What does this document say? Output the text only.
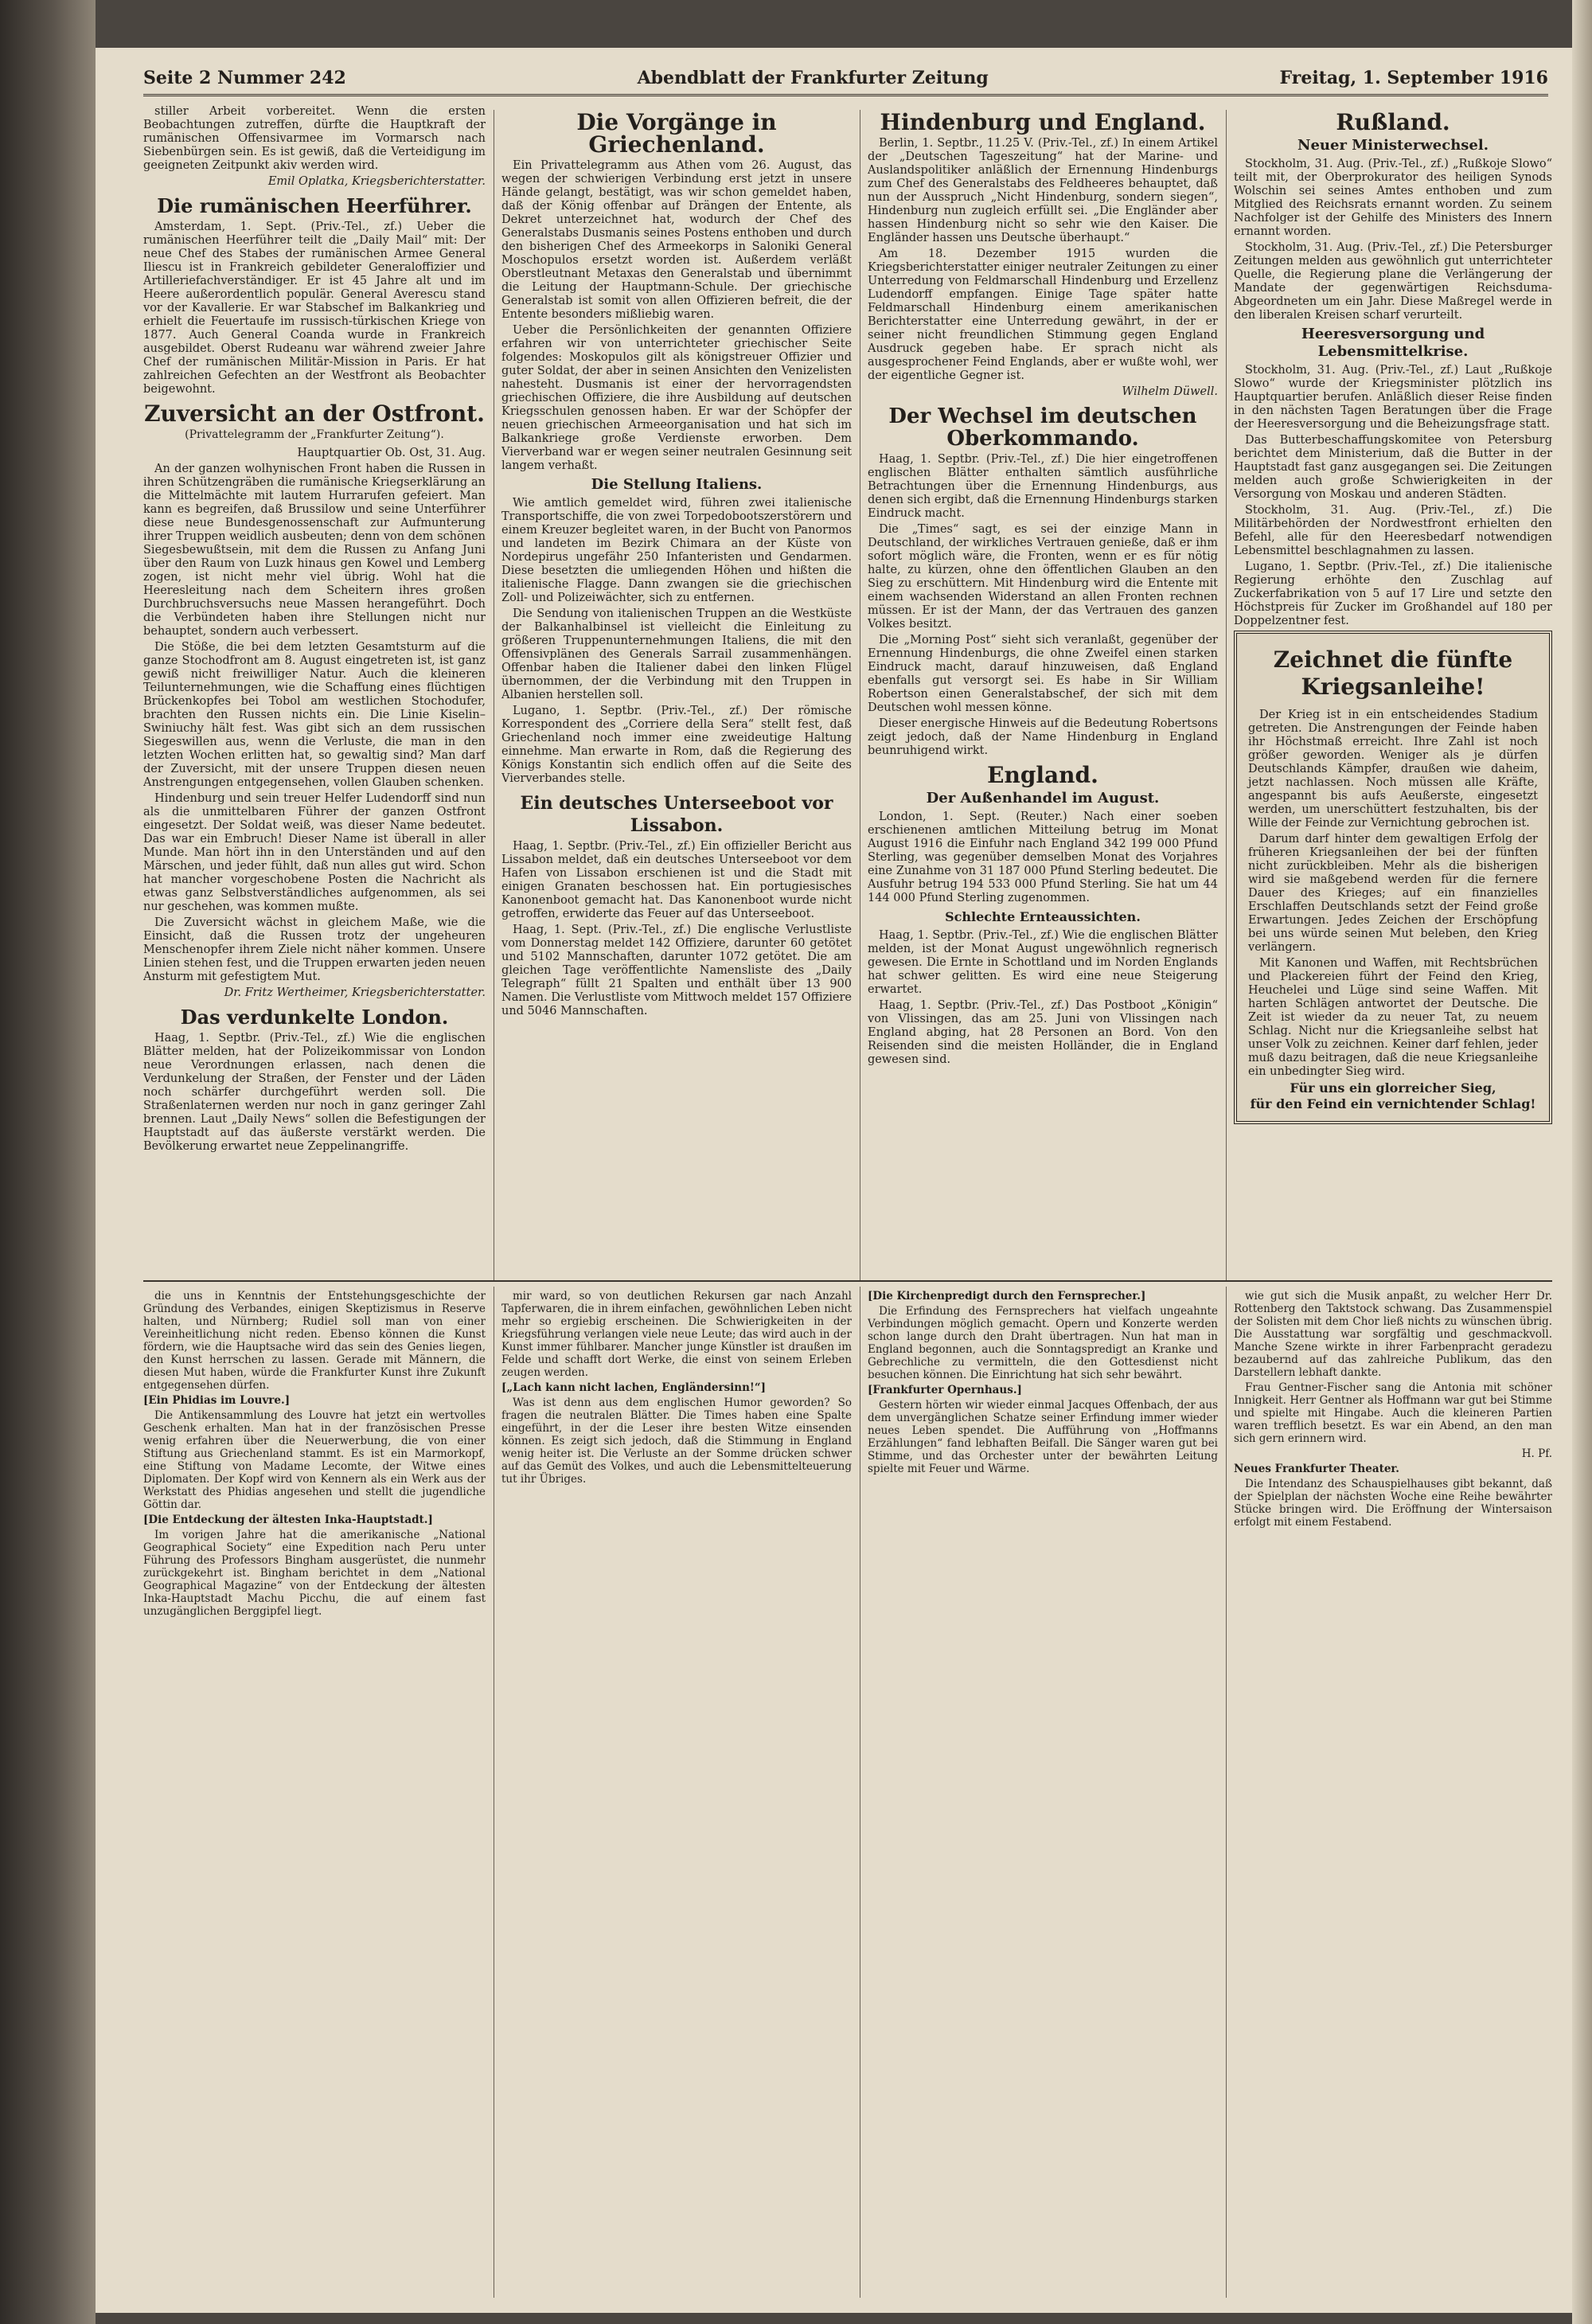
Seite 2 Nummer 242	Abendblatt der Frankfurter Zeitung	Freitag, 1. September 1916

stiller Arbeit vorbereitet. Wenn die ersten Beobachtungen zutreffen, dürfte die Hauptkraft der rumänischen Offensivarmee im Vormarsch nach Siebenbürgen sein. Es ist gewiß, daß die Verteidigung im geeigneten Zeitpunkt akiv werden wird.

Emil Oplatka, Kriegsberichterstatter.

Die rumänischen Heerführer.

Amsterdam, 1. Sept. (Priv.-Tel., zf.) Ueber die rumänischen Heerführer teilt die „Daily Mail“ mit: Der neue Chef des Stabes der rumänischen Armee General Iliescu ist in Frankreich gebildeter Generaloffizier und Artilleriefachverständiger. Er ist 45 Jahre alt und im Heere außerordentlich populär. General Averescu stand vor der Kavallerie. Er war Stabschef im Balkankrieg und erhielt die Feuertaufe im russisch-türkischen Kriege von 1877. Auch General Coanda wurde in Frankreich ausgebildet. Oberst Rudeanu war während zweier Jahre Chef der rumänischen Militär-Mission in Paris. Er hat zahlreichen Gefechten an der Westfront als Beobachter beigewohnt.

Zuversicht an der Ostfront.
(Privattelegramm der „Frankfurter Zeitung“).

Hauptquartier Ob. Ost, 31. Aug.

An der ganzen wolhynischen Front haben die Russen in ihren Schützengräben die rumänische Kriegserklärung an die Mittelmächte mit lautem Hurrarufen gefeiert. Man kann es begreifen, daß Brussilow und seine Unterführer diese neue Bundesgenossenschaft zur Aufmunterung ihrer Truppen weidlich ausbeuten; denn von dem schönen Siegesbewußtsein, mit dem die Russen zu Anfang Juni über den Raum von Luzk hinaus gen Kowel und Lemberg zogen, ist nicht mehr viel übrig. Wohl hat die Heeresleitung nach dem Scheitern ihres großen Durchbruchsversuchs neue Massen herangeführt. Doch die Verbündeten haben ihre Stellungen nicht nur behauptet, sondern auch verbessert.

Die Stöße, die bei dem letzten Gesamtsturm auf die ganze Stochodfront am 8. August eingetreten ist, ist ganz gewiß nicht freiwilliger Natur. Auch die kleineren Teilunternehmungen, wie die Schaffung eines flüchtigen Brückenkopfes bei Tobol am westlichen Stochodufer, brachten den Russen nichts ein. Die Linie Kiselin–Swiniuchy hält fest. Was gibt sich an dem russischen Siegeswillen aus, wenn die Verluste, die man in den letzten Wochen erlitten hat, so gewaltig sind? Man darf der Zuversicht, mit der unsere Truppen diesen neuen Anstrengungen entgegensehen, vollen Glauben schenken.

Hindenburg und sein treuer Helfer Ludendorff sind nun als die unmittelbaren Führer der ganzen Ostfront eingesetzt. Der Soldat weiß, was dieser Name bedeutet. Das war ein Embruch! Dieser Name ist überall in aller Munde. Man hört ihn in den Unterständen und auf den Märschen, und jeder fühlt, daß nun alles gut wird. Schon hat mancher vorgeschobene Posten die Nachricht als etwas ganz Selbstverständliches aufgenommen, als sei nur geschehen, was kommen mußte.

Die Zuversicht wächst in gleichem Maße, wie die Einsicht, daß die Russen trotz der ungeheuren Menschenopfer ihrem Ziele nicht näher kommen. Unsere Linien stehen fest, und die Truppen erwarten jeden neuen Ansturm mit gefestigtem Mut.

Dr. Fritz Wertheimer, Kriegsberichterstatter.

Das verdunkelte London.

Haag, 1. Septbr. (Priv.-Tel., zf.) Wie die englischen Blätter melden, hat der Polizeikommissar von London neue Verordnungen erlassen, nach denen die Verdunkelung der Straßen, der Fenster und der Läden noch schärfer durchgeführt werden soll. Die Straßenlaternen werden nur noch in ganz geringer Zahl brennen. Laut „Daily News“ sollen die Befestigungen der Hauptstadt auf das äußerste verstärkt werden. Die Bevölkerung erwartet neue Zeppelinangriffe.

Die Vorgänge in Griechenland.

Ein Privattelegramm aus Athen vom 26. August, das wegen der schwierigen Verbindung erst jetzt in unsere Hände gelangt, bestätigt, was wir schon gemeldet haben, daß der König offenbar auf Drängen der Entente, als Dekret unterzeichnet hat, wodurch der Chef des Generalstabs Dusmanis seines Postens enthoben und durch den bisherigen Chef des Armeekorps in Saloniki General Moschopulos ersetzt worden ist. Außerdem verläßt Oberstleutnant Metaxas den Generalstab und übernimmt die Leitung der Hauptmann-Schule. Der griechische Generalstab ist somit von allen Offizieren befreit, die der Entente besonders mißliebig waren.

Ueber die Persönlichkeiten der genannten Offiziere erfahren wir von unterrichteter griechischer Seite folgendes: Moskopulos gilt als königstreuer Offizier und guter Soldat, der aber in seinen Ansichten den Venizelisten nahesteht. Dusmanis ist einer der hervorragendsten griechischen Offiziere, die ihre Ausbildung auf deutschen Kriegsschulen genossen haben. Er war der Schöpfer der neuen griechischen Armeeorganisation und hat sich im Balkankriege große Verdienste erworben. Dem Vierverband war er wegen seiner neutralen Gesinnung seit langem verhaßt.

Die Stellung Italiens.

Wie amtlich gemeldet wird, führen zwei italienische Transportschiffe, die von zwei Torpedobootszerstörern und einem Kreuzer begleitet waren, in der Bucht von Panormos und landeten im Bezirk Chimara an der Küste von Nordepirus ungefähr 250 Infanteristen und Gendarmen. Diese besetzten die umliegenden Höhen und hißten die italienische Flagge. Dann zwangen sie die griechischen Zoll- und Polizeiwächter, sich zu entfernen.

Die Sendung von italienischen Truppen an die Westküste der Balkanhalbinsel ist vielleicht die Einleitung zu größeren Truppenunternehmungen Italiens, die mit den Offensivplänen des Generals Sarrail zusammenhängen. Offenbar haben die Italiener dabei den linken Flügel übernommen, der die Verbindung mit den Truppen in Albanien herstellen soll.

Lugano, 1. Septbr. (Priv.-Tel., zf.) Der römische Korrespondent des „Corriere della Sera“ stellt fest, daß Griechenland noch immer eine zweideutige Haltung einnehme. Man erwarte in Rom, daß die Regierung des Königs Konstantin sich endlich offen auf die Seite des Vierverbandes stelle.

Ein deutsches Unterseeboot vor Lissabon.

Haag, 1. Septbr. (Priv.-Tel., zf.) Ein offizieller Bericht aus Lissabon meldet, daß ein deutsches Unterseeboot vor dem Hafen von Lissabon erschienen ist und die Stadt mit einigen Granaten beschossen hat. Ein portugiesisches Kanonenboot gemacht hat. Das Kanonenboot wurde nicht getroffen, erwiderte das Feuer auf das Unterseeboot.

Haag, 1. Sept. (Priv.-Tel., zf.) Die englische Verlustliste vom Donnerstag meldet 142 Offiziere, darunter 60 getötet und 5102 Mannschaften, darunter 1072 getötet. Die am gleichen Tage veröffentlichte Namensliste des „Daily Telegraph“ füllt 21 Spalten und enthält über 13 900 Namen. Die Verlustliste vom Mittwoch meldet 157 Offiziere und 5046 Mannschaften.

Hindenburg und England.

Berlin, 1. Septbr., 11.25 V. (Priv.-Tel., zf.) In einem Artikel der „Deutschen Tageszeitung“ hat der Marine- und Auslandspolitiker anläßlich der Ernennung Hindenburgs zum Chef des Generalstabs des Feldheeres behauptet, daß nun der Ausspruch „Nicht Hindenburg, sondern siegen“, Hindenburg nun zugleich erfüllt sei. „Die Engländer aber hassen Hindenburg nicht so sehr wie den Kaiser. Die Engländer hassen uns Deutsche überhaupt.“

Am 18. Dezember 1915 wurden die Kriegsberichterstatter einiger neutraler Zeitungen zu einer Unterredung von Feldmarschall Hindenburg und Erzellenz Ludendorff empfangen. Einige Tage später hatte Feldmarschall Hindenburg einem amerikanischen Berichterstatter eine Unterredung gewährt, in der er seiner nicht freundlichen Stimmung gegen England Ausdruck gegeben habe. Er sprach nicht als ausgesprochener Feind Englands, aber er wußte wohl, wer der eigentliche Gegner ist.

Wilhelm Düwell.

Der Wechsel im deutschen Oberkommando.

Haag, 1. Septbr. (Priv.-Tel., zf.) Die hier eingetroffenen englischen Blätter enthalten sämtlich ausführliche Betrachtungen über die Ernennung Hindenburgs, aus denen sich ergibt, daß die Ernennung Hindenburgs starken Eindruck macht.

Die „Times“ sagt, es sei der einzige Mann in Deutschland, der wirkliches Vertrauen genieße, daß er ihm sofort möglich wäre, die Fronten, wenn er es für nötig halte, zu kürzen, ohne den öffentlichen Glauben an den Sieg zu erschüttern. Mit Hindenburg wird die Entente mit einem wachsenden Widerstand an allen Fronten rechnen müssen. Er ist der Mann, der das Vertrauen des ganzen Volkes besitzt.

Die „Morning Post“ sieht sich veranlaßt, gegenüber der Ernennung Hindenburgs, die ohne Zweifel einen starken Eindruck macht, darauf hinzuweisen, daß England ebenfalls gut versorgt sei. Es habe in Sir William Robertson einen Generalstabschef, der sich mit dem Deutschen wohl messen könne.

Dieser energische Hinweis auf die Bedeutung Robertsons zeigt jedoch, daß der Name Hindenburg in England beunruhigend wirkt.

England.
Der Außenhandel im August.

London, 1. Sept. (Reuter.) Nach einer soeben erschienenen amtlichen Mitteilung betrug im Monat August 1916 die Einfuhr nach England 342 199 000 Pfund Sterling, was gegenüber demselben Monat des Vorjahres eine Zunahme von 31 187 000 Pfund Sterling bedeutet. Die Ausfuhr betrug 194 533 000 Pfund Sterling. Sie hat um 44 144 000 Pfund Sterling zugenommen.

Schlechte Ernteaussichten.

Haag, 1. Septbr. (Priv.-Tel., zf.) Wie die englischen Blätter melden, ist der Monat August ungewöhnlich regnerisch gewesen. Die Ernte in Schottland und im Norden Englands hat schwer gelitten. Es wird eine neue Steigerung erwartet.

Haag, 1. Septbr. (Priv.-Tel., zf.) Das Postboot „Königin“ von Vlissingen, das am 25. Juni von Vlissingen nach England abging, hat 28 Personen an Bord. Von den Reisenden sind die meisten Holländer, die in England gewesen sind.

Rußland.
Neuer Ministerwechsel.

Stockholm, 31. Aug. (Priv.-Tel., zf.) „Rußkoje Slowo“ teilt mit, der Oberprokurator des heiligen Synods Wolschin sei seines Amtes enthoben und zum Mitglied des Reichsrats ernannt worden. Zu seinem Nachfolger ist der Gehilfe des Ministers des Innern ernannt worden.

Stockholm, 31. Aug. (Priv.-Tel., zf.) Die Petersburger Zeitungen melden aus gewöhnlich gut unterrichteter Quelle, die Regierung plane die Verlängerung der Mandate der gegenwärtigen Reichsduma-Abgeordneten um ein Jahr. Diese Maßregel werde in den liberalen Kreisen scharf verurteilt.

Heeresversorgung und Lebensmittelkrise.

Stockholm, 31. Aug. (Priv.-Tel., zf.) Laut „Rußkoje Slowo“ wurde der Kriegsminister plötzlich ins Hauptquartier berufen. Anläßlich dieser Reise finden in den nächsten Tagen Beratungen über die Frage der Heeresversorgung und die Beheizungsfrage statt.

Das Butterbeschaffungskomitee von Petersburg berichtet dem Ministerium, daß die Butter in der Hauptstadt fast ganz ausgegangen sei. Die Zeitungen melden auch große Schwierigkeiten in der Versorgung von Moskau und anderen Städten.

Stockholm, 31. Aug. (Priv.-Tel., zf.) Die Militärbehörden der Nordwestfront erhielten den Befehl, alle für den Heeresbedarf notwendigen Lebensmittel beschlagnahmen zu lassen.

Lugano, 1. Septbr. (Priv.-Tel., zf.) Die italienische Regierung erhöhte den Zuschlag auf Zuckerfabrikation von 5 auf 17 Lire und setzte den Höchstpreis für Zucker im Großhandel auf 180 per Doppelzentner fest.

Zeichnet die fünfte Kriegsanleihe!

Der Krieg ist in ein entscheidendes Stadium getreten. Die Anstrengungen der Feinde haben ihr Höchstmaß erreicht. Ihre Zahl ist noch größer geworden. Weniger als je dürfen Deutschlands Kämpfer, draußen wie daheim, jetzt nachlassen. Noch müssen alle Kräfte, angespannt bis aufs Aeußerste, eingesetzt werden, um unerschüttert festzuhalten, bis der Wille der Feinde zur Vernichtung gebrochen ist.

Darum darf hinter dem gewaltigen Erfolg der früheren Kriegsanleihen der bei der fünften nicht zurückbleiben. Mehr als die bisherigen wird sie maßgebend werden für die fernere Dauer des Krieges; auf ein finanzielles Erschlaffen Deutschlands setzt der Feind große Erwartungen. Jedes Zeichen der Erschöpfung bei uns würde seinen Mut beleben, den Krieg verlängern.

Mit Kanonen und Waffen, mit Rechtsbrüchen und Plackereien führt der Feind den Krieg, Heuchelei und Lüge sind seine Waffen. Mit harten Schlägen antwortet der Deutsche. Die Zeit ist wieder da zu neuer Tat, zu neuem Schlag. Nicht nur die Kriegsanleihe selbst hat unser Volk zu zeichnen. Keiner darf fehlen, jeder muß dazu beitragen, daß die neue Kriegsanleihe ein unbedingter Sieg wird.

Für uns ein glorreicher Sieg,

für den Feind ein vernichtender Schlag!

die uns in Kenntnis der Entstehungsgeschichte der Gründung des Verbandes, einigen Skeptizismus in Reserve halten, und Nürnberg; Rudiel soll man von einer Vereinheitlichung nicht reden. Ebenso können die Kunst fördern, wie die Hauptsache wird das sein des Genies liegen, den Kunst herrschen zu lassen. Gerade mit Männern, die diesen Mut haben, würde die Frankfurter Kunst ihre Zukunft entgegensehen dürfen.

[Ein Phidias im Louvre.]

Die Antikensammlung des Louvre hat jetzt ein wertvolles Geschenk erhalten. Man hat in der französischen Presse wenig erfahren über die Neuerwerbung, die von einer Stiftung aus Griechenland stammt. Es ist ein Marmorkopf, eine Stiftung von Madame Lecomte, der Witwe eines Diplomaten. Der Kopf wird von Kennern als ein Werk aus der Werkstatt des Phidias angesehen und stellt die jugendliche Göttin dar.

[Die Entdeckung der ältesten Inka-Hauptstadt.]

Im vorigen Jahre hat die amerikanische „National Geographical Society“ eine Expedition nach Peru unter Führung des Professors Bingham ausgerüstet, die nunmehr zurückgekehrt ist. Bingham berichtet in dem „National Geographical Magazine“ von der Entdeckung der ältesten Inka-Hauptstadt Machu Picchu, die auf einem fast unzugänglichen Berggipfel liegt.

mir ward, so von deutlichen Rekursen gar nach Anzahl Tapferwaren, die in ihrem einfachen, gewöhnlichen Leben nicht mehr so ergiebig erscheinen. Die Schwierigkeiten in der Kriegsführung verlangen viele neue Leute; das wird auch in der Kunst immer fühlbarer. Mancher junge Künstler ist draußen im Felde und schafft dort Werke, die einst von seinem Erleben zeugen werden.

[„Lach kann nicht lachen, Engländersinn!“]

Was ist denn aus dem englischen Humor geworden? So fragen die neutralen Blätter. Die Times haben eine Spalte eingeführt, in der die Leser ihre besten Witze einsenden können. Es zeigt sich jedoch, daß die Stimmung in England wenig heiter ist. Die Verluste an der Somme drücken schwer auf das Gemüt des Volkes, und auch die Lebensmittelteuerung tut ihr Übriges.

[Die Kirchenpredigt durch den Fernsprecher.]

Die Erfindung des Fernsprechers hat vielfach ungeahnte Verbindungen möglich gemacht. Opern und Konzerte werden schon lange durch den Draht übertragen. Nun hat man in England begonnen, auch die Sonntagspredigt an Kranke und Gebrechliche zu vermitteln, die den Gottesdienst nicht besuchen können. Die Einrichtung hat sich sehr bewährt.

[Frankfurter Opernhaus.]

Gestern hörten wir wieder einmal Jacques Offenbach, der aus dem unvergänglichen Schatze seiner Erfindung immer wieder neues Leben spendet. Die Aufführung von „Hoffmanns Erzählungen“ fand lebhaften Beifall. Die Sänger waren gut bei Stimme, und das Orchester unter der bewährten Leitung spielte mit Feuer und Wärme.

wie gut sich die Musik anpaßt, zu welcher Herr Dr. Rottenberg den Taktstock schwang. Das Zusammenspiel der Solisten mit dem Chor ließ nichts zu wünschen übrig. Die Ausstattung war sorgfältig und geschmackvoll. Manche Szene wirkte in ihrer Farbenpracht geradezu bezaubernd auf das zahlreiche Publikum, das den Darstellern lebhaft dankte.

Frau Gentner-Fischer sang die Antonia mit schöner Innigkeit. Herr Gentner als Hoffmann war gut bei Stimme und spielte mit Hingabe. Auch die kleineren Partien waren trefflich besetzt. Es war ein Abend, an den man sich gern erinnern wird.

H. Pf.

Neues Frankfurter Theater.

Die Intendanz des Schauspielhauses gibt bekannt, daß der Spielplan der nächsten Woche eine Reihe bewährter Stücke bringen wird. Die Eröffnung der Wintersaison erfolgt mit einem Festabend.
